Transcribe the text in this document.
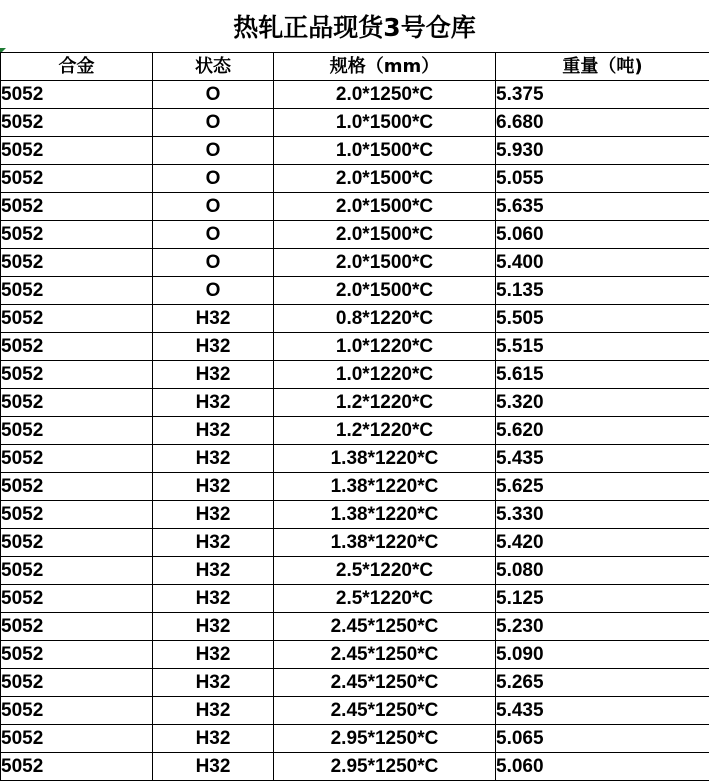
热轧正品现货3号仓库
合金	状态	规格（mm）	重量（吨)
5052	O	2.0*1250*C	5.375
5052	O	1.0*1500*C	6.680
5052	O	1.0*1500*C	5.930
5052	O	2.0*1500*C	5.055
5052	O	2.0*1500*C	5.635
5052	O	2.0*1500*C	5.060
5052	O	2.0*1500*C	5.400
5052	O	2.0*1500*C	5.135
5052	H32	0.8*1220*C	5.505
5052	H32	1.0*1220*C	5.515
5052	H32	1.0*1220*C	5.615
5052	H32	1.2*1220*C	5.320
5052	H32	1.2*1220*C	5.620
5052	H32	1.38*1220*C	5.435
5052	H32	1.38*1220*C	5.625
5052	H32	1.38*1220*C	5.330
5052	H32	1.38*1220*C	5.420
5052	H32	2.5*1220*C	5.080
5052	H32	2.5*1220*C	5.125
5052	H32	2.45*1250*C	5.230
5052	H32	2.45*1250*C	5.090
5052	H32	2.45*1250*C	5.265
5052	H32	2.45*1250*C	5.435
5052	H32	2.95*1250*C	5.065
5052	H32	2.95*1250*C	5.060
